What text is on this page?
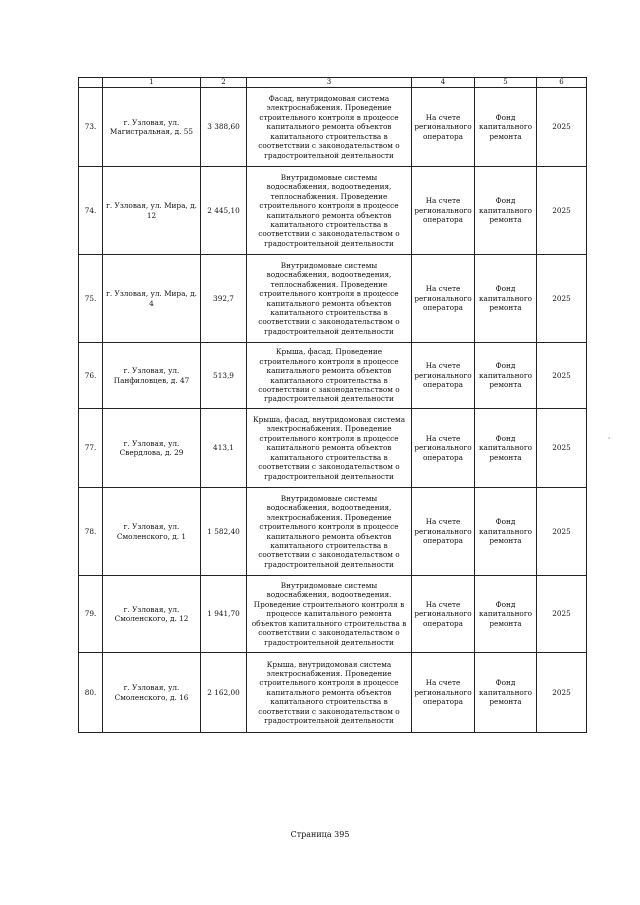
	1	2	3	4	5	6
73.	г. Узловая, ул. Магистральная, д. 55	3 388,60	Фасад, внутридомовая система электроснабжения. Проведение строительного контроля в процессе капитального ремонта объектов капитального строительства в соответствии с законодательством о градостроительной деятельности	На счете регионального оператора	Фонд капитального ремонта	2025
74.	г. Узловая, ул. Мира, д. 12	2 445,10	Внутридомовые системы водоснабжения, водоотведения, теплоснабжения. Проведение строительного контроля в процессе капитального ремонта объектов капитального строительства в соответствии с законодательством о градостроительной деятельности	На счете регионального оператора	Фонд капитального ремонта	2025
75.	г. Узловая, ул. Мира, д. 4	392,7	Внутридомовые системы водоснабжения, водоотведения, теплоснабжения. Проведение строительного контроля в процессе капитального ремонта объектов капитального строительства в соответствии с законодательством о градостроительной деятельности	На счете регионального оператора	Фонд капитального ремонта	2025
76.	г. Узловая, ул. Панфиловцев, д. 47	513,9	Крыша, фасад. Проведение строительного контроля в процессе капитального ремонта объектов капитального строительства в соответствии с законодательством о градостроительной деятельности	На счете регионального оператора	Фонд капитального ремонта	2025
77.	г. Узловая, ул. Свердлова, д. 29	413,1	Крыша, фасад, внутридомовая система электроснабжения. Проведение строительного контроля в процессе капитального ремонта объектов капитального строительства в соответствии с законодательством о градостроительной деятельности	На счете регионального оператора	Фонд капитального ремонта	2025
78.	г. Узловая, ул. Смоленского, д. 1	1 582,40	Внутридомовые системы водоснабжения, водоотведения, электроснабжения. Проведение строительного контроля в процессе капитального ремонта объектов капитального строительства в соответствии с законодательством о градостроительной деятельности	На счете регионального оператора	Фонд капитального ремонта	2025
79.	г. Узловая, ул. Смоленского, д. 12	1 941,70	Внутридомовые системы водоснабжения, водоотведения. Проведение строительного контроля в процессе капитального ремонта объектов капитального строительства в соответствии с законодательством о градостроительной деятельности	На счете регионального оператора	Фонд капитального ремонта	2025
80.	г. Узловая, ул. Смоленского, д. 16	2 162,00	Крыша, внутридомовая система электроснабжения. Проведение строительного контроля в процессе капитального ремонта объектов капитального строительства в соответствии с законодательством о градостроительной деятельности	На счете регионального оператора	Фонд капитального ремонта	2025
‚
Страница 395
